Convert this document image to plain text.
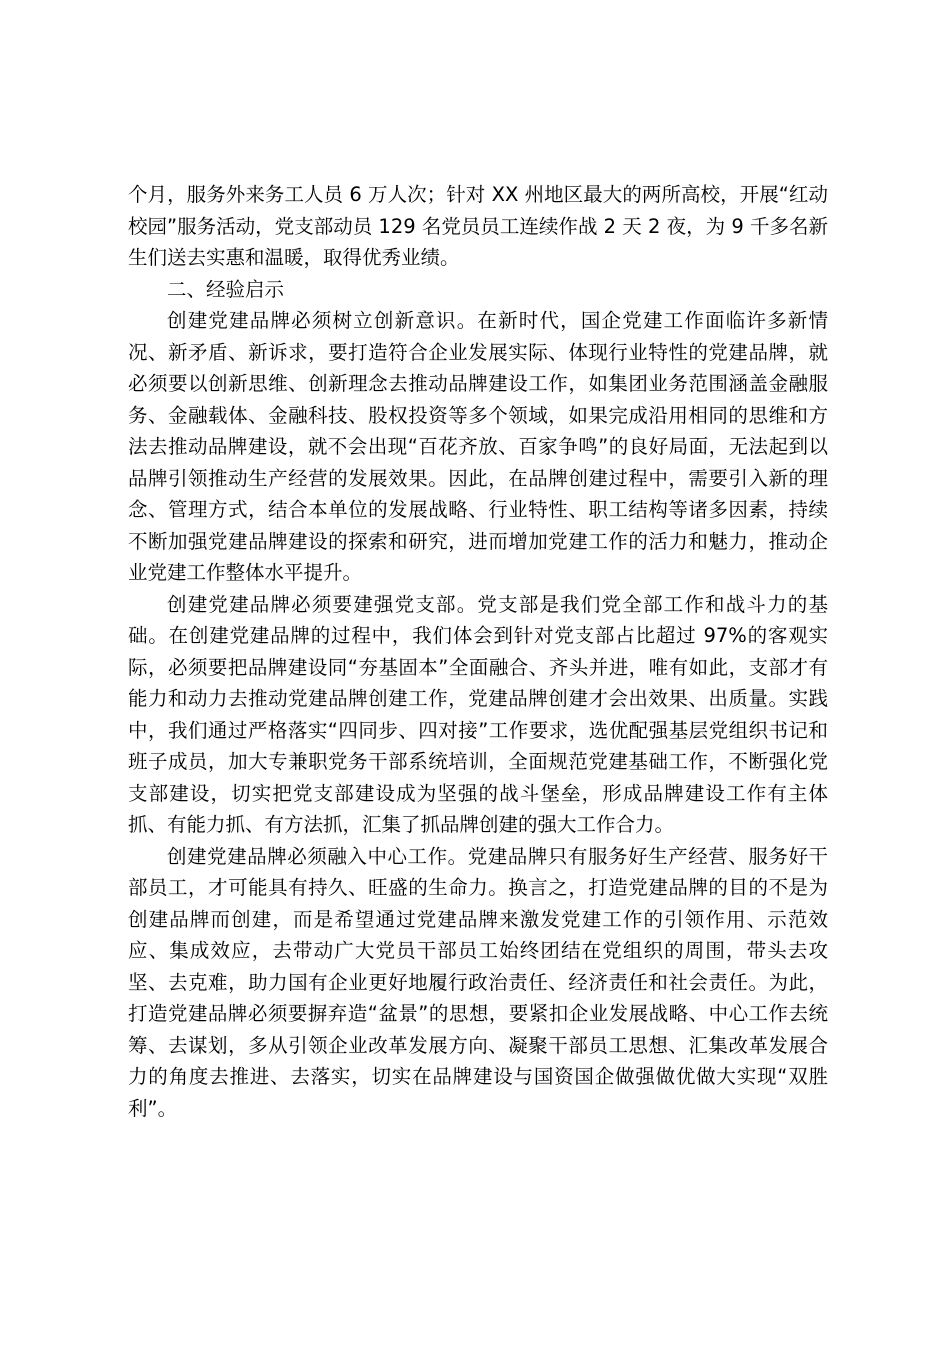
个月，服务外来务工人员 6 万人次；针对 XX 州地区最大的两所高校，开展“红动校园”服务活动，党支部动员 129 名党员员工连续作战 2 天 2 夜，为 9 千多名新生们送去实惠和温暖，取得优秀业绩。

二、经验启示

创建党建品牌必须树立创新意识。在新时代，国企党建工作面临许多新情况、新矛盾、新诉求，要打造符合企业发展实际、体现行业特性的党建品牌，就必须要以创新思维、创新理念去推动品牌建设工作，如集团业务范围涵盖金融服务、金融载体、金融科技、股权投资等多个领域，如果完成沿用相同的思维和方法去推动品牌建设，就不会出现“百花齐放、百家争鸣”的良好局面，无法起到以品牌引领推动生产经营的发展效果。因此，在品牌创建过程中，需要引入新的理念、管理方式，结合本单位的发展战略、行业特性、职工结构等诸多因素，持续不断加强党建品牌建设的探索和研究，进而增加党建工作的活力和魅力，推动企业党建工作整体水平提升。

创建党建品牌必须要建强党支部。党支部是我们党全部工作和战斗力的基础。在创建党建品牌的过程中，我们体会到针对党支部占比超过 97%的客观实际，必须要把品牌建设同“夯基固本”全面融合、齐头并进，唯有如此，支部才有能力和动力去推动党建品牌创建工作，党建品牌创建才会出效果、出质量。实践中，我们通过严格落实“四同步、四对接”工作要求，选优配强基层党组织书记和班子成员，加大专兼职党务干部系统培训，全面规范党建基础工作，不断强化党支部建设，切实把党支部建设成为坚强的战斗堡垒，形成品牌建设工作有主体抓、有能力抓、有方法抓，汇集了抓品牌创建的强大工作合力。

创建党建品牌必须融入中心工作。党建品牌只有服务好生产经营、服务好干部员工，才可能具有持久、旺盛的生命力。换言之，打造党建品牌的目的不是为创建品牌而创建，而是希望通过党建品牌来激发党建工作的引领作用、示范效应、集成效应，去带动广大党员干部员工始终团结在党组织的周围，带头去攻坚、去克难，助力国有企业更好地履行政治责任、经济责任和社会责任。为此，打造党建品牌必须要摒弃造“盆景”的思想，要紧扣企业发展战略、中心工作去统筹、去谋划，多从引领企业改革发展方向、凝聚干部员工思想、汇集改革发展合力的角度去推进、去落实，切实在品牌建设与国资国企做强做优做大实现“双胜利”。
